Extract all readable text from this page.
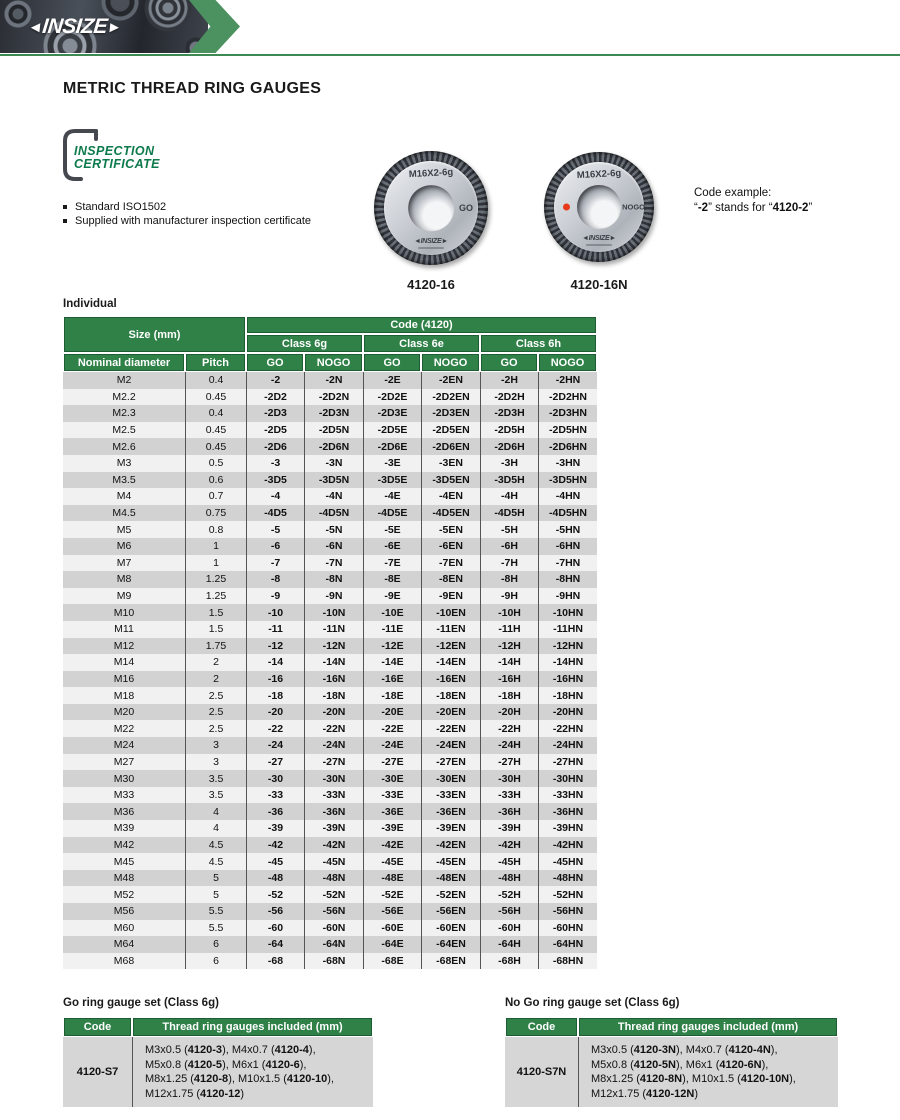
◄INSIZE►
METRIC THREAD RING GAUGES
INSPECTION
CERTIFICATE
Standard ISO1502
Supplied with manufacturer inspection certificate
M16X2-6g
GO
◄INSIZE►
4120-16
M16X2-6g
NOGO
◄INSIZE►
4120-16N
Code example:
“-2” stands for “4120-2”
Individual
Size (mm)		Code (4120)					
		Class 6g		Class 6e		Class 6h	
Nominal diameter	Pitch	GO	NOGO	GO	NOGO	GO	NOGO
M2	0.4	-2	-2N	-2E	-2EN	-2H	-2HN
M2.2	0.45	-2D2	-2D2N	-2D2E	-2D2EN	-2D2H	-2D2HN
M2.3	0.4	-2D3	-2D3N	-2D3E	-2D3EN	-2D3H	-2D3HN
M2.5	0.45	-2D5	-2D5N	-2D5E	-2D5EN	-2D5H	-2D5HN
M2.6	0.45	-2D6	-2D6N	-2D6E	-2D6EN	-2D6H	-2D6HN
M3	0.5	-3	-3N	-3E	-3EN	-3H	-3HN
M3.5	0.6	-3D5	-3D5N	-3D5E	-3D5EN	-3D5H	-3D5HN
M4	0.7	-4	-4N	-4E	-4EN	-4H	-4HN
M4.5	0.75	-4D5	-4D5N	-4D5E	-4D5EN	-4D5H	-4D5HN
M5	0.8	-5	-5N	-5E	-5EN	-5H	-5HN
M6	1	-6	-6N	-6E	-6EN	-6H	-6HN
M7	1	-7	-7N	-7E	-7EN	-7H	-7HN
M8	1.25	-8	-8N	-8E	-8EN	-8H	-8HN
M9	1.25	-9	-9N	-9E	-9EN	-9H	-9HN
M10	1.5	-10	-10N	-10E	-10EN	-10H	-10HN
M11	1.5	-11	-11N	-11E	-11EN	-11H	-11HN
M12	1.75	-12	-12N	-12E	-12EN	-12H	-12HN
M14	2	-14	-14N	-14E	-14EN	-14H	-14HN
M16	2	-16	-16N	-16E	-16EN	-16H	-16HN
M18	2.5	-18	-18N	-18E	-18EN	-18H	-18HN
M20	2.5	-20	-20N	-20E	-20EN	-20H	-20HN
M22	2.5	-22	-22N	-22E	-22EN	-22H	-22HN
M24	3	-24	-24N	-24E	-24EN	-24H	-24HN
M27	3	-27	-27N	-27E	-27EN	-27H	-27HN
M30	3.5	-30	-30N	-30E	-30EN	-30H	-30HN
M33	3.5	-33	-33N	-33E	-33EN	-33H	-33HN
M36	4	-36	-36N	-36E	-36EN	-36H	-36HN
M39	4	-39	-39N	-39E	-39EN	-39H	-39HN
M42	4.5	-42	-42N	-42E	-42EN	-42H	-42HN
M45	4.5	-45	-45N	-45E	-45EN	-45H	-45HN
M48	5	-48	-48N	-48E	-48EN	-48H	-48HN
M52	5	-52	-52N	-52E	-52EN	-52H	-52HN
M56	5.5	-56	-56N	-56E	-56EN	-56H	-56HN
M60	5.5	-60	-60N	-60E	-60EN	-60H	-60HN
M64	6	-64	-64N	-64E	-64EN	-64H	-64HN
M68	6	-68	-68N	-68E	-68EN	-68H	-68HN
Go ring gauge set (Class 6g)
Code	Thread ring gauges included (mm)
4120-S7	M3x0.5 (4120-3), M4x0.7 (4120-4),
M5x0.8 (4120-5), M6x1 (4120-6),
M8x1.25 (4120-8), M10x1.5 (4120-10),
M12x1.75 (4120-12)
No Go ring gauge set (Class 6g)
Code	Thread ring gauges included (mm)
4120-S7N	M3x0.5 (4120-3N), M4x0.7 (4120-4N),
M5x0.8 (4120-5N), M6x1 (4120-6N),
M8x1.25 (4120-8N), M10x1.5 (4120-10N),
M12x1.75 (4120-12N)
